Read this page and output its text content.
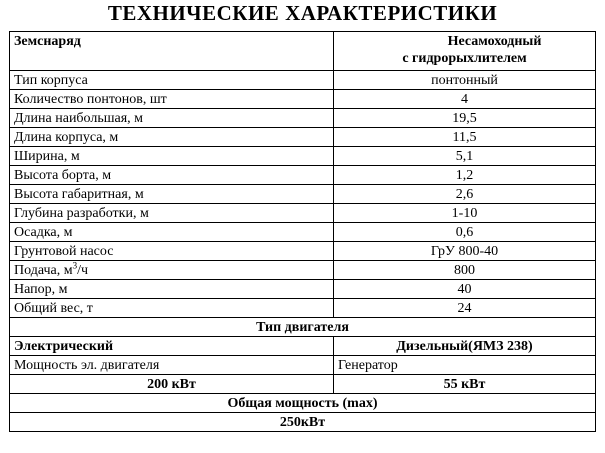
ТЕХНИЧЕСКИЕ ХАРАКТЕРИСТИКИ
Земснаряд	Несамоходный
с гидрорыхлителем

Тип корпуса	понтонный
Количество понтонов, шт	4
Длина наибольшая, м	19,5
Длина корпуса, м	11,5
Ширина, м	5,1
Высота борта, м	1,2
Высота габаритная, м	2,6
Глубина разработки, м	1-10
Осадка, м	0,6
Грунтовой насос	ГрУ 800-40
Подача, $м^3/ч$	800
Напор, м	40
Общий вес, т	24
Тип двигателя	
Электрический	Дизельный(ЯМЗ 238)
Мощность эл. двигателя	Генератор
200 кВт	55 кВт
Общая мощность (max)	
250кВт	
